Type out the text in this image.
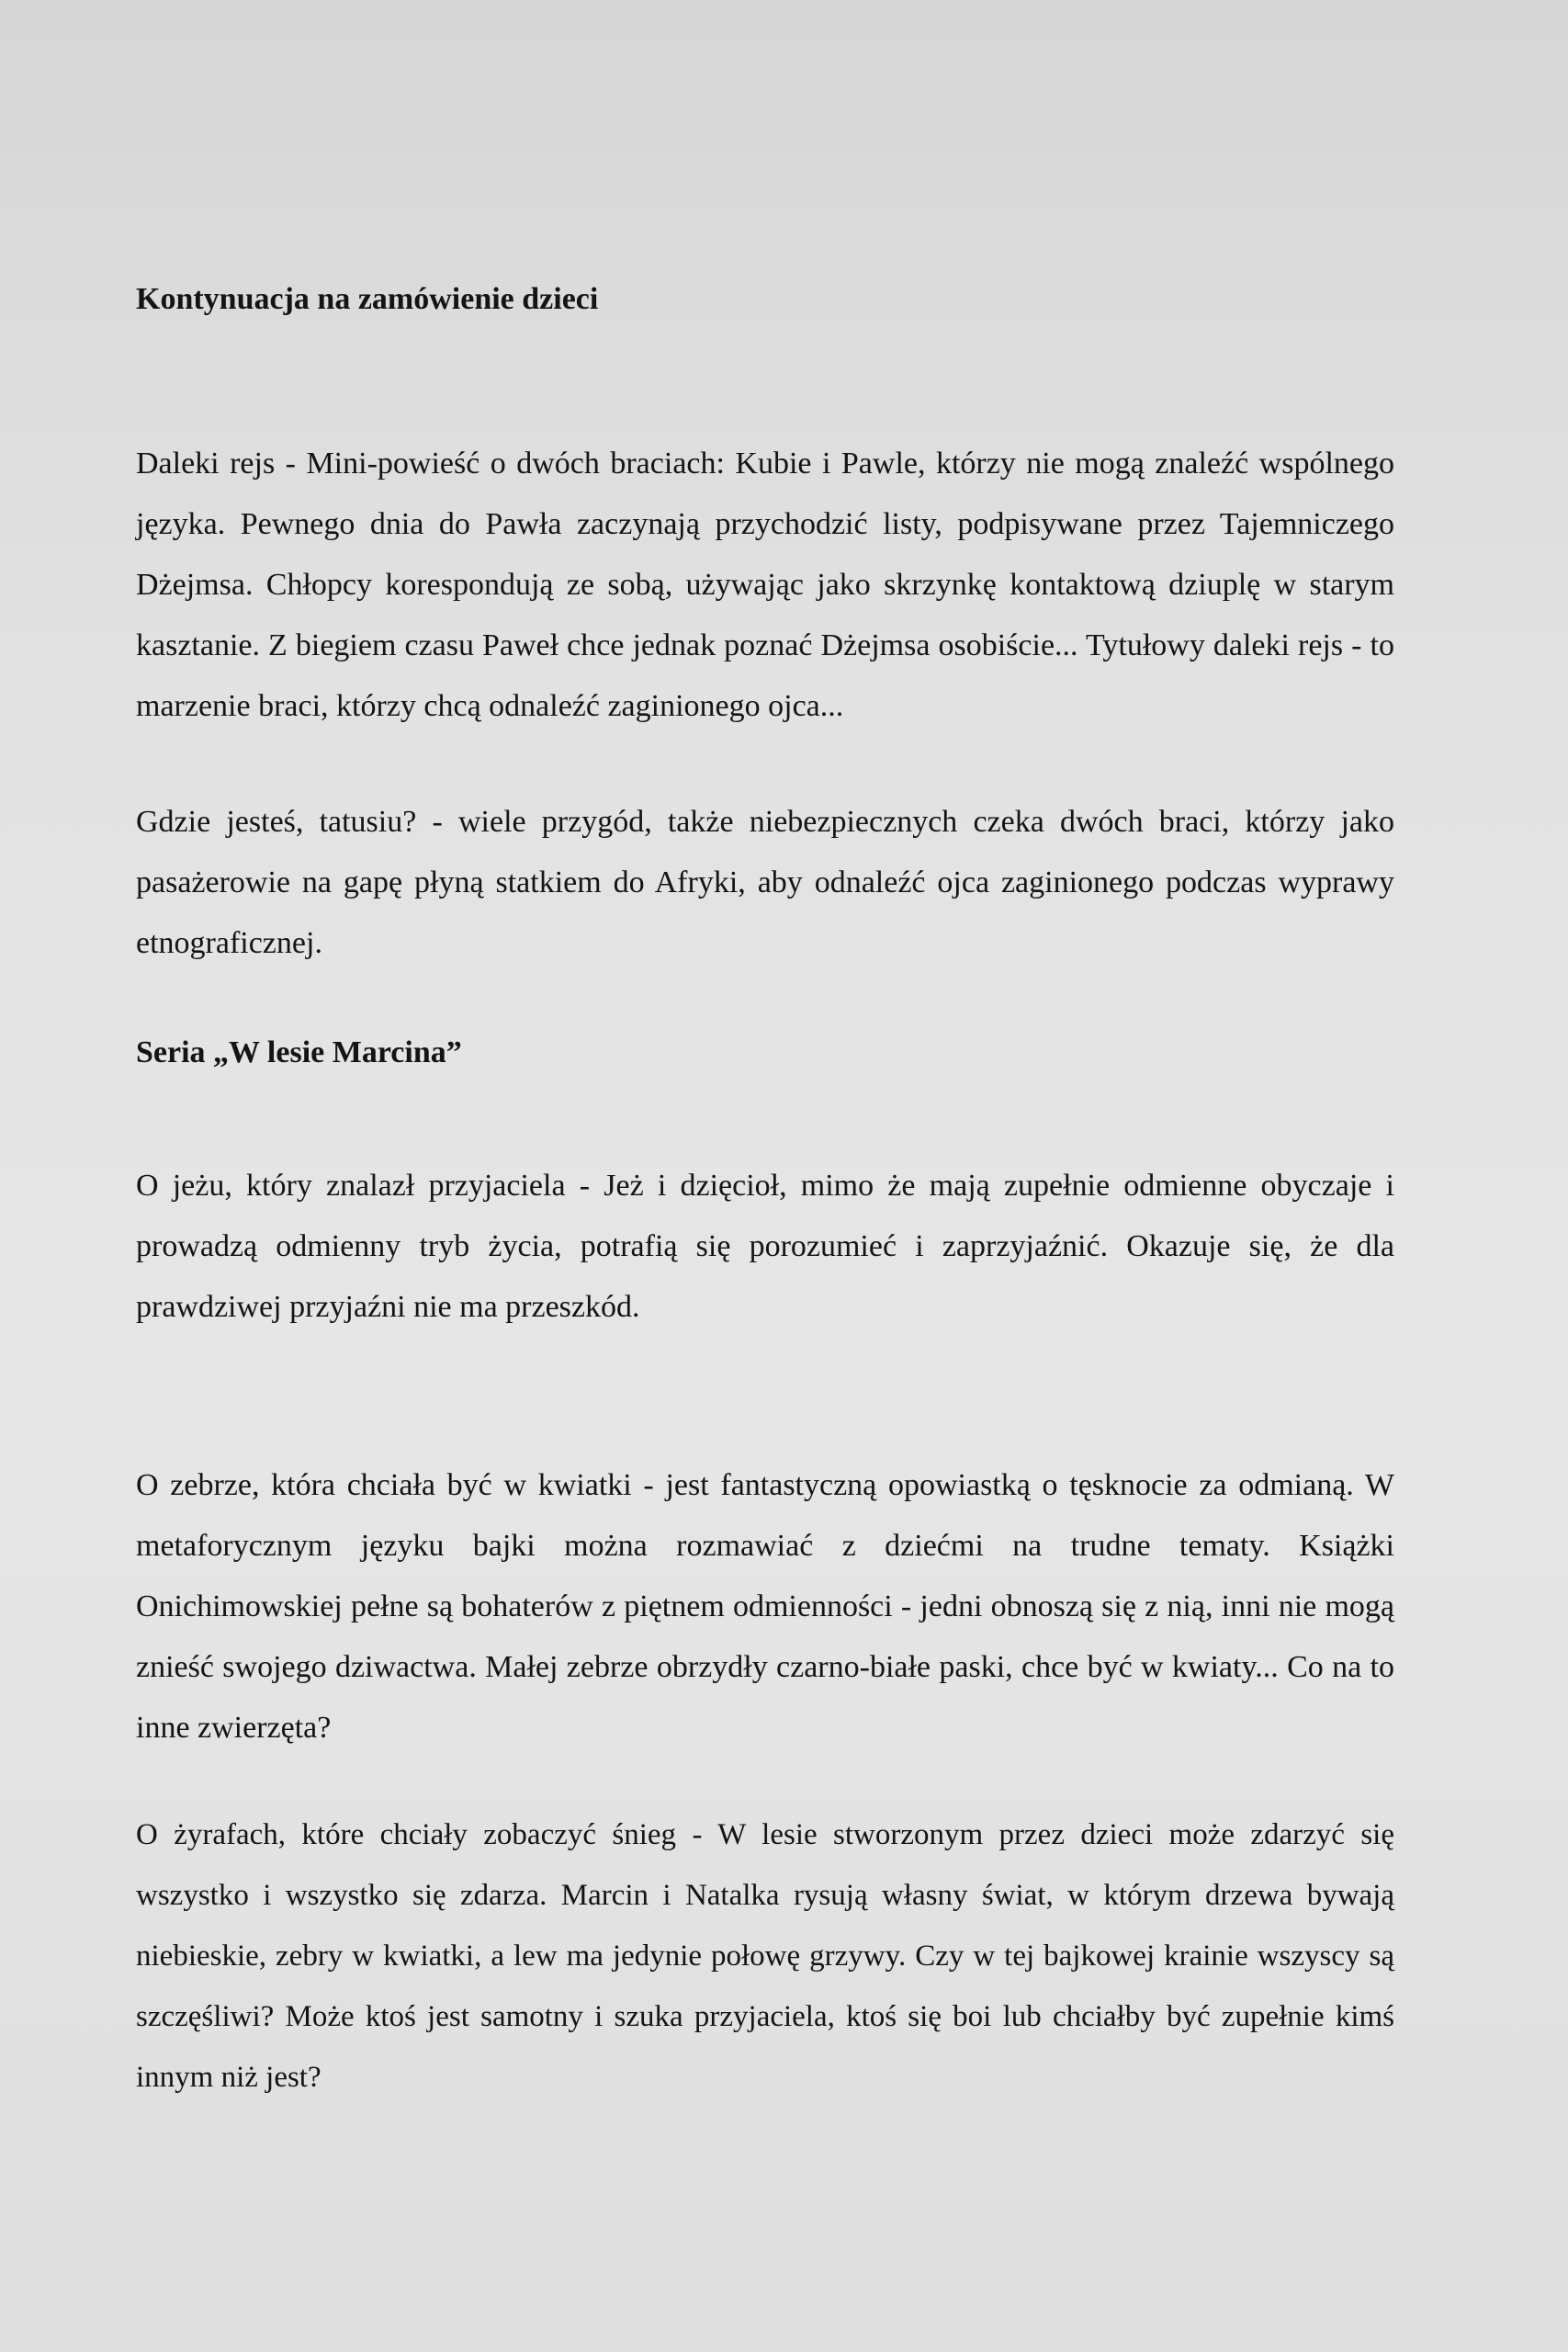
Kontynuacja na zamówienie dzieci

Daleki rejs - Mini-powieść o dwóch braciach: Kubie i Pawle, którzy nie mogą znaleźć wspólnego języka. Pewnego dnia do Pawła zaczynają przychodzić listy, podpisywane przez Tajemniczego Dżejmsa. Chłopcy korespondują ze sobą, używając jako skrzynkę kontaktową dziuplę w starym kasztanie. Z biegiem czasu Paweł chce jednak poznać Dżejmsa osobiście... Tytułowy daleki rejs - to marzenie braci, którzy chcą odnaleźć zaginionego ojca...

Gdzie jesteś, tatusiu? - wiele przygód, także niebezpiecznych czeka dwóch braci, którzy jako pasażerowie na gapę płyną statkiem do Afryki, aby odnaleźć ojca zaginionego podczas wyprawy etnograficznej.

Seria „W lesie Marcina”

O jeżu, który znalazł przyjaciela - Jeż i dzięcioł, mimo że mają zupełnie odmienne obyczaje i prowadzą odmienny tryb życia, potrafią się porozumieć i zaprzyjaźnić. Okazuje się, że dla prawdziwej przyjaźni nie ma przeszkód.

O zebrze, która chciała być w kwiatki - jest fantastyczną opowiastką o tęsknocie za odmianą. W metaforycznym języku bajki można rozmawiać z dziećmi na trudne tematy. Książki Onichimowskiej pełne są bohaterów z piętnem odmienności - jedni obnoszą się z nią, inni nie mogą znieść swojego dziwactwa. Małej zebrze obrzydły czarno-białe paski, chce być w kwiaty... Co na to inne zwierzęta?

O żyrafach, które chciały zobaczyć śnieg - W lesie stworzonym przez dzieci może zdarzyć się wszystko i wszystko się zdarza. Marcin i Natalka rysują własny świat, w którym drzewa bywają niebieskie, zebry w kwiatki, a lew ma jedynie połowę grzywy. Czy w tej bajkowej krainie wszyscy są szczęśliwi? Może ktoś jest samotny i szuka przyjaciela, ktoś się boi lub chciałby być zupełnie kimś innym niż jest?
